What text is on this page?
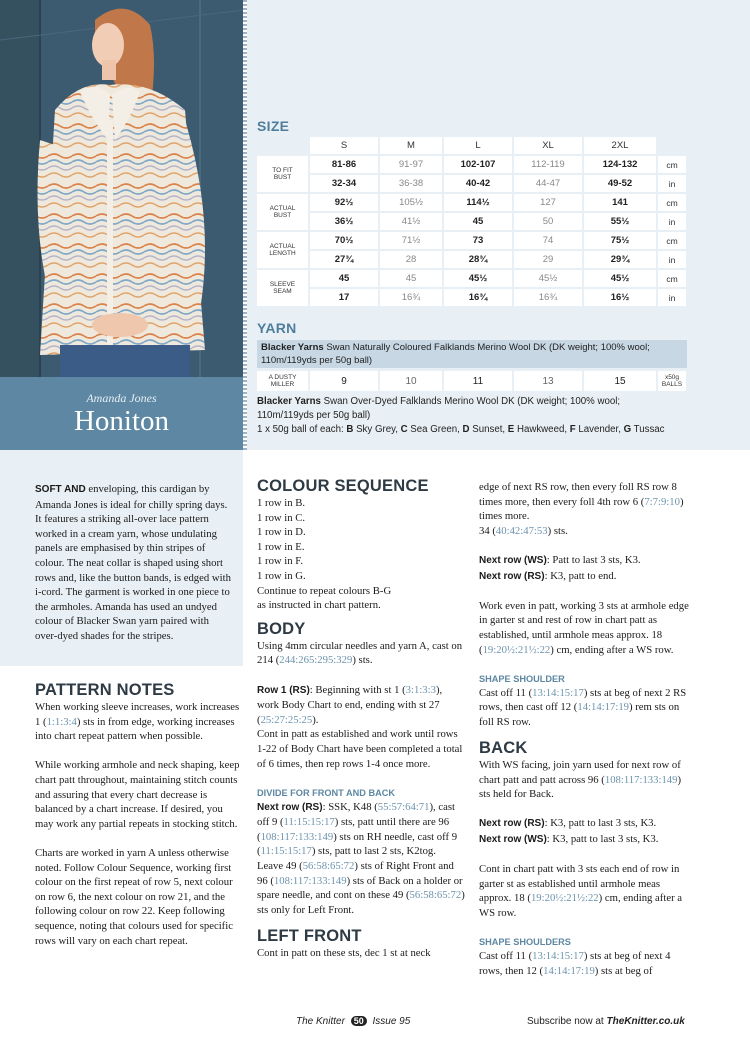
Amanda Jones
Honiton
SIZE
S	M	L	XL	2XL
TO FIT
BUST
81-86	91-97	102-107	112-119	124-132	cm
32-34	36-38	40-42	44-47	49-52	in
ACTUAL
BUST
92½	105½	114½	127	141	cm
36½	41½	45	50	55½	in
ACTUAL
LENGTH
70½	71½	73	74	75½	cm
27¾	28	28¾	29	29¾	in
SLEEVE
SEAM
45	45	45½	45½	45½	cm
17	16¾	16¾	16¾	16½	in
YARN
Blacker Yarns Swan Naturally Coloured Falklands Merino Wool DK (DK weight; 100% wool; 110m/119yds per 50g ball)
A DUSTY
MILLER	9	10	11	13	15	x50g
BALLS
Blacker Yarns Swan Over-Dyed Falklands Merino Wool DK (DK weight; 100% wool;
110m/119yds per 50g ball)
1 x 50g ball of each: B Sky Grey, C Sea Green, D Sunset, E Hawkweed, F Lavender, G Tussac

SOFT AND enveloping, this cardigan by Amanda Jones is ideal for chilly spring days. It features a striking all-over lace pattern worked in a cream yarn, whose undulating panels are emphasised by thin stripes of colour. The neat collar is shaped using short rows and, like the button bands, is edged with i-cord. The garment is worked in one piece to the armholes. Amanda has used an undyed colour of Blacker Swan yarn paired with over-dyed shades for the stripes.

PATTERN NOTES

When working sleeve increases, work increases 1 (1:1:3:4) sts in from edge, working increases into chart repeat pattern when possible.

While working armhole and neck shaping, keep chart patt throughout, maintaining stitch counts and assuring that every chart decrease is balanced by a chart increase. If desired, you may work any partial repeats in stocking stitch.

Charts are worked in yarn A unless otherwise noted. Follow Colour Sequence, working first colour on the first repeat of row 5, next colour on row 6, the next colour on row 21, and the following colour on row 22. Keep following sequence, noting that colours used for specific rows will vary on each chart repeat.

COLOUR SEQUENCE
1 row in B.
1 row in C.
1 row in D.
1 row in E.
1 row in F.
1 row in G.
Continue to repeat colours B-G
as instructed in chart pattern.
BODY

Using 4mm circular needles and yarn A, cast on 214 (244:265:295:329) sts.

Row 1 (RS): Beginning with st 1 (3:1:3:3), work Body Chart to end, ending with st 27 (25:27:25:25).

Cont in patt as established and work until rows 1-22 of Body Chart have been completed a total of 6 times, then rep rows 1-4 once more.

DIVIDE FOR FRONT AND BACK

Next row (RS): SSK, K48 (55:57:64:71), cast off 9 (11:15:15:17) sts, patt until there are 96 (108:117:133:149) sts on RH needle, cast off 9 (11:15:15:17) sts, patt to last 2 sts, K2tog.

Leave 49 (56:58:65:72) sts of Right Front and 96 (108:117:133:149) sts of Back on a holder or spare needle, and cont on these 49 (56:58:65:72) sts only for Left Front.

LEFT FRONT

Cont in patt on these sts, dec 1 st at neck

edge of next RS row, then every foll RS row 8 times more, then every foll 4th row 6 (7:7:9:10) times more.
34 (40:42:47:53) sts.

Next row (WS): Patt to last 3 sts, K3.

Next row (RS): K3, patt to end.

Work even in patt, working 3 sts at armhole edge in garter st and rest of row in chart patt as established, until armhole meas approx. 18 (19:20½:21½:22) cm, ending after a WS row.

SHAPE SHOULDER

Cast off 11 (13:14:15:17) sts at beg of next 2 RS rows, then cast off 12 (14:14:17:19) rem sts on foll RS row.

BACK

With WS facing, join yarn used for next row of chart patt and patt across 96 (108:117:133:149) sts held for Back.

Next row (RS): K3, patt to last 3 sts, K3.

Next row (WS): K3, patt to last 3 sts, K3.

Cont in chart patt with 3 sts each end of row in garter st as established until armhole meas approx. 18 (19:20½:21½:22) cm, ending after a WS row.

SHAPE SHOULDERS

Cast off 11 (13:14:15:17) sts at beg of next 4 rows, then 12 (14:14:17:19) sts at beg of

The Knitter 50 Issue 95	Subscribe now at TheKnitter.co.uk
